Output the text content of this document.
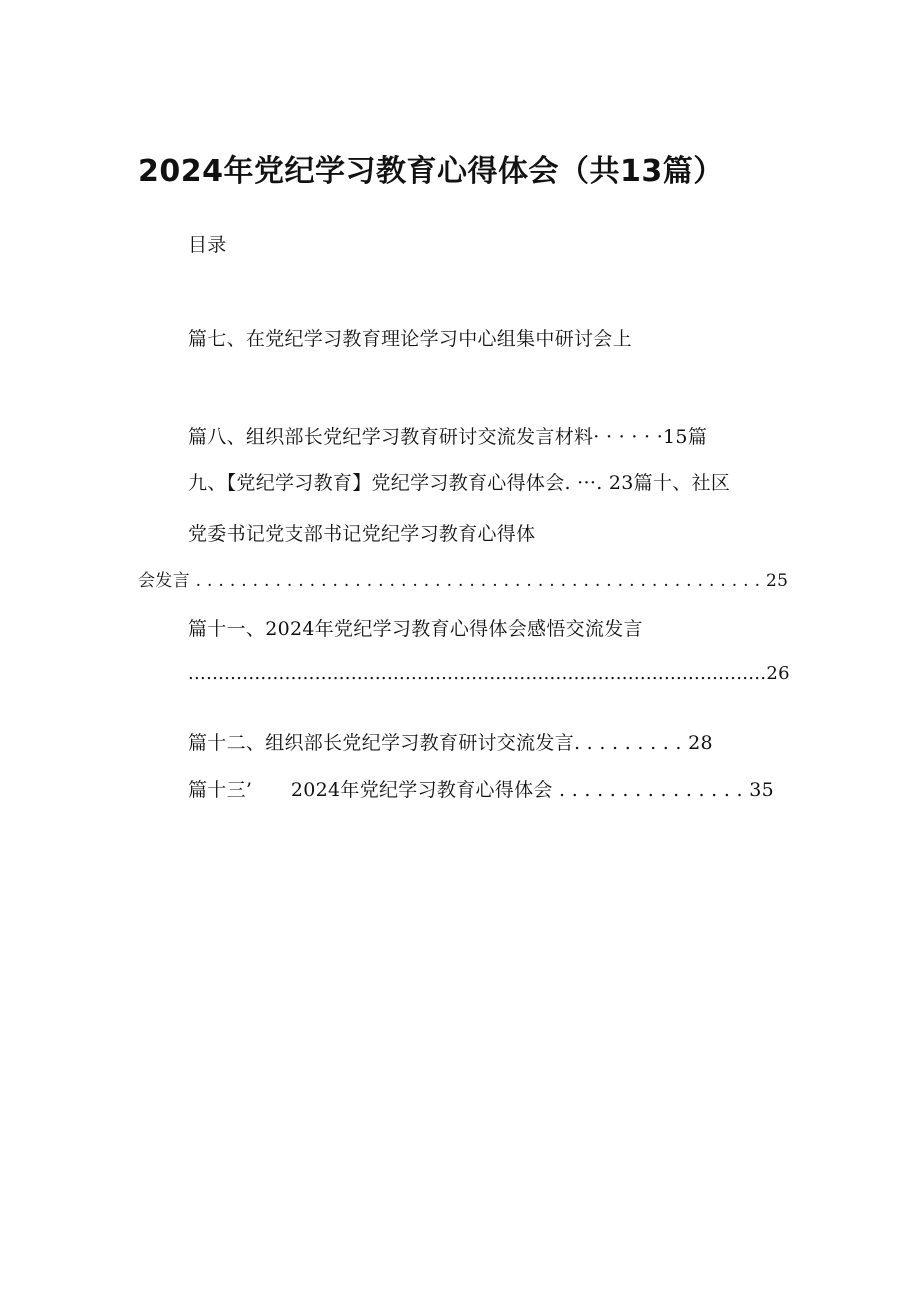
2024年党纪学习教育心得体会（共13篇）
目录
篇七、在党纪学习教育理论学习中心组集中研讨会上
篇八、组织部长党纪学习教育研讨交流发言材料· · · · · ·15篇
九、【党纪学习教育】党纪学习教育心得体会. ···. 23篇十、社区
党委书记党支部书记党纪学习教育心得体
会发言 . . . . . . . . . . . . . . . . . . . . . . . . . . . . . . . . . . . . . . . . . . . . . . . . . . 25
篇十一、2024年党纪学习教育心得体会感悟交流发言
..........…...................................................................................26
篇十二、组织部长党纪学习教育研讨交流发言. . . . . . . . . 28
篇十三’　　2024年党纪学习教育心得体会 . . . . . . . . . . . . . . . 35
